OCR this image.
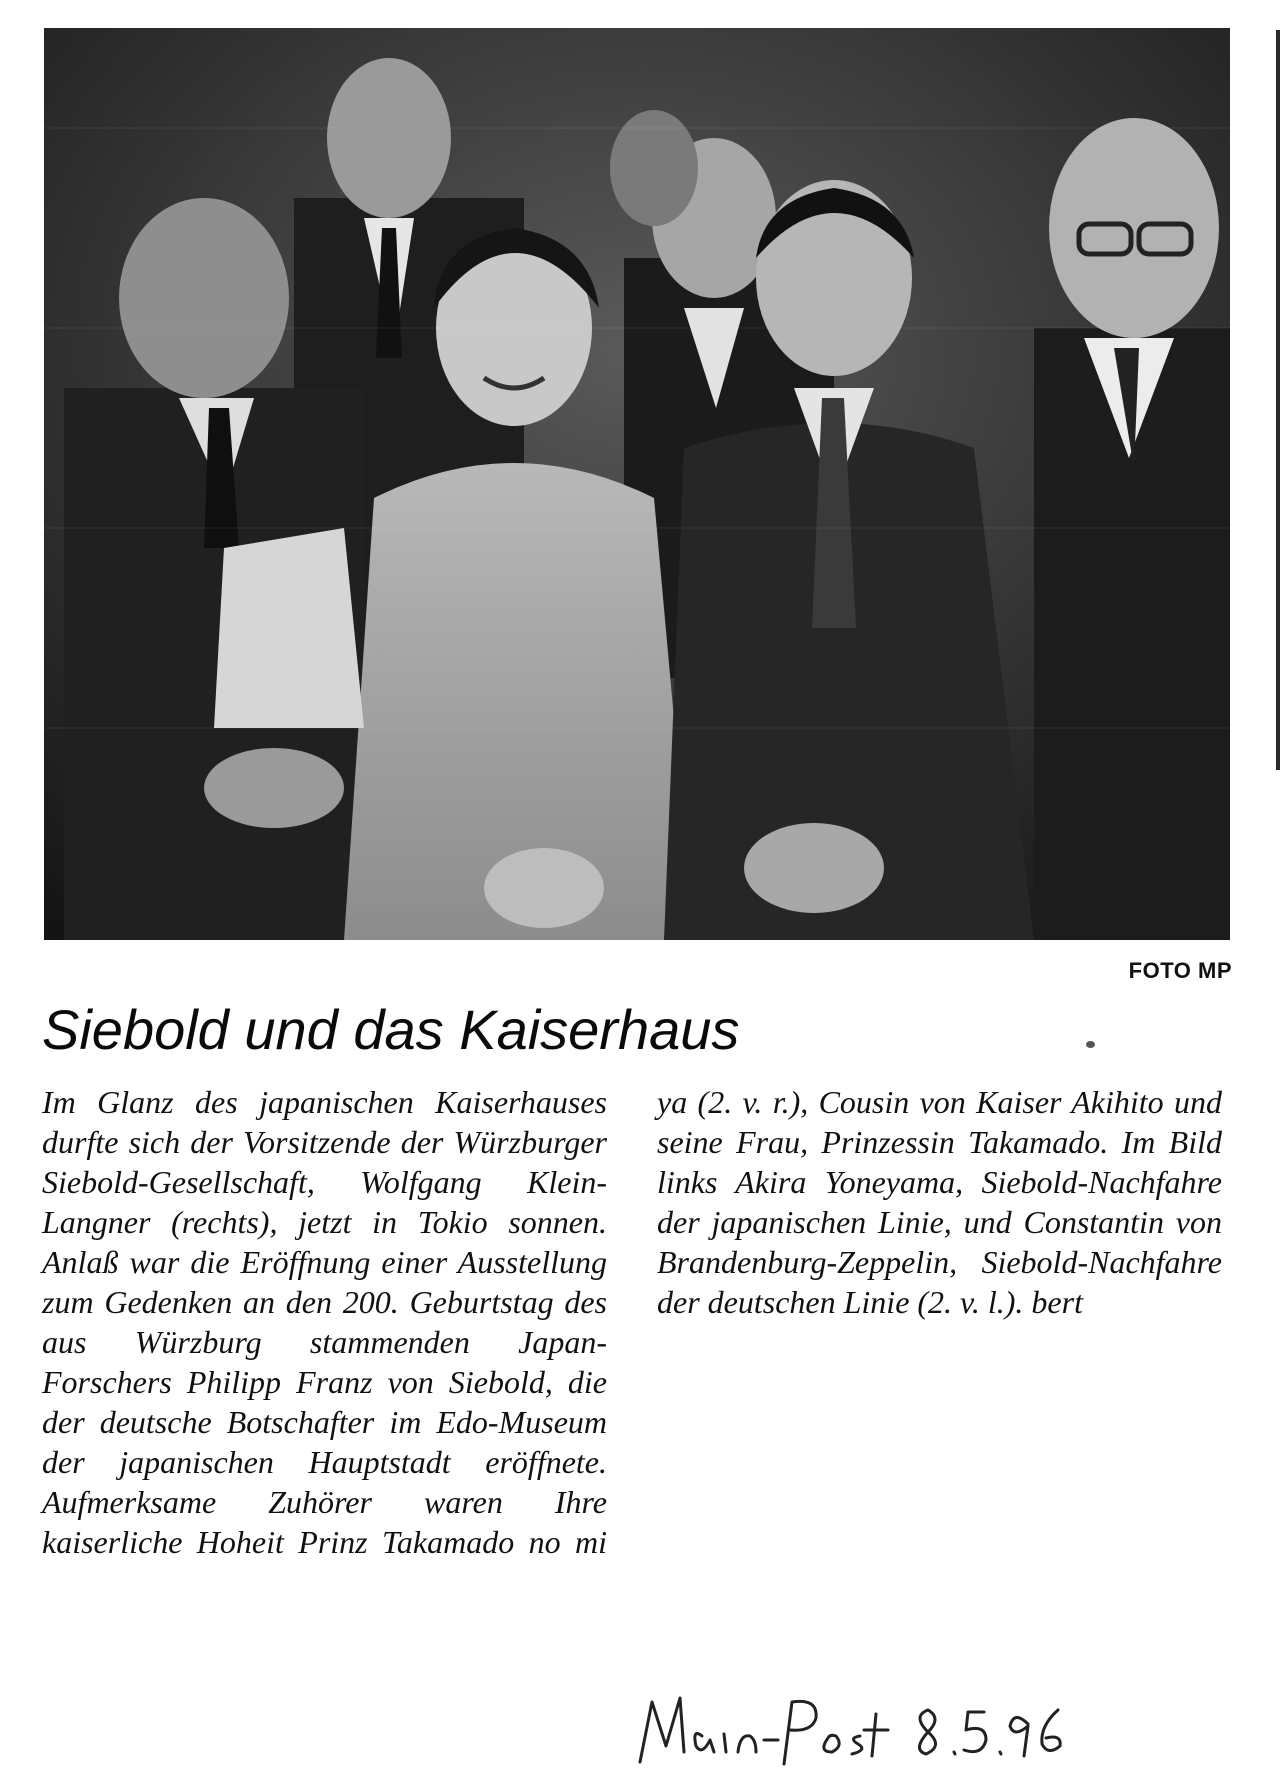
FOTO MP
Siebold und das Kaiserhaus

Im Glanz des japanischen Kaiserhauses durfte sich der Vorsitzende der Würzburger Siebold-Gesellschaft, Wolfgang Klein-Langner (rechts), jetzt in Tokio sonnen. Anlaß war die Eröffnung einer Ausstellung zum Gedenken an den 200. Geburtstag des aus Würzburg stammenden Japan-Forschers Philipp Franz von Siebold, die der deutsche Botschafter im Edo-Museum der japanischen Hauptstadt eröffnete. Aufmerksame Zuhörer waren Ihre kaiserliche Hoheit Prinz Takamado no mi ya (2. v. r.), Cousin von Kaiser Akihito und seine Frau, Prinzessin Takamado. Im Bild links Akira Yoneyama, Siebold-Nachfahre der japanischen Linie, und Constantin von Brandenburg-Zeppelin, Siebold-Nachfahre der deutschen Linie (2. v. l.). bert
